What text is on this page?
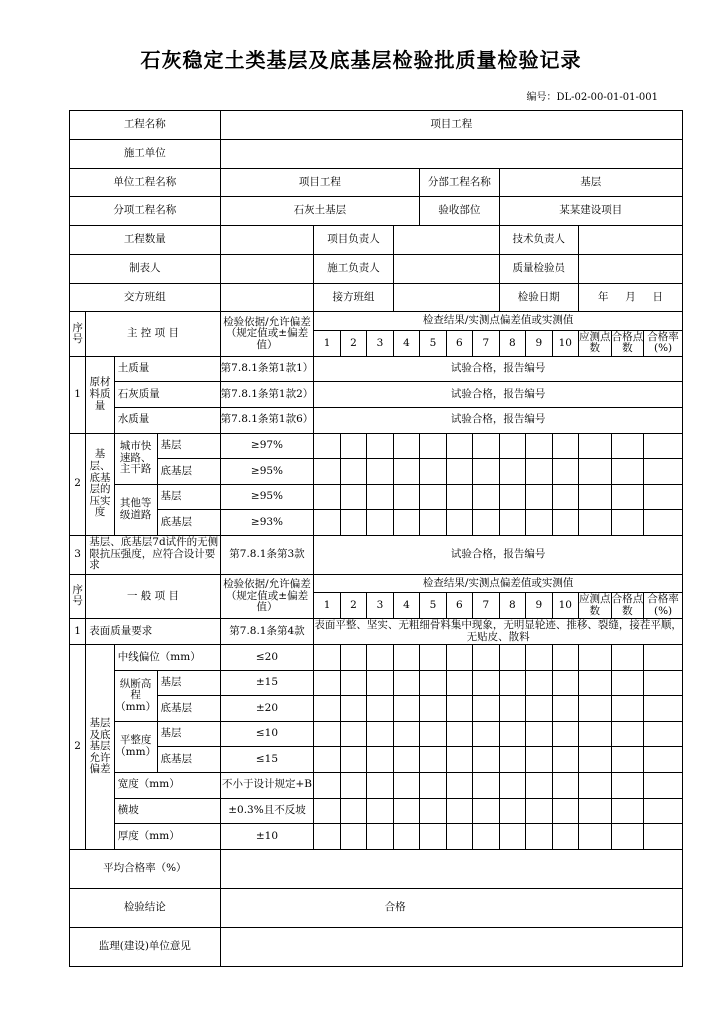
石灰稳定土类基层及底基层检验批质量检验记录
编号：DL-02-00-01-01-001
工程名称				项目工程													
施工单位																	
单位工程名称				项目工程					分部工程名称			基层					
分项工程名称				石灰土基层					验收部位			某某建设项目					
工程数量					项目负责人							技术负责人					
制表人					施工负责人							质量检验员					
交方班组					接方班组							检验日期			年 月 日		
序号	主 控 项 目			检验依据/允许偏差（规定值或±偏差值）	检查结果/实测点偏差值或实测值												
					1	2	3	4	5	6	7	8	9	10	应测点数	合格点数	合格率(%)
1	原材料质量	土质量		第7.8.1条第1款1）	试验合格，报告编号												
		石灰质量		第7.8.1条第1款2）	试验合格，报告编号												
		水质量		第7.8.1条第1款6）	试验合格，报告编号												
2	基层、底基层的压实度	城市快速路、主干路	基层	≥97%													
			底基层	≥95%													
		其他等级道路	基层	≥95%													
			底基层	≥93%													
3	基层、底基层7d试件的无侧限抗压强度，应符合设计要求			第7.8.1条第3款	试验合格，报告编号												
序号	一 般 项 目			检验依据/允许偏差（规定值或±偏差值）	检查结果/实测点偏差值或实测值												
					1	2	3	4	5	6	7	8	9	10	应测点数	合格点数	合格率(%)
1	表面质量要求			第7.8.1条第4款	表面平整、坚实、无粗细骨料集中现象，无明显轮迹、推移、裂缝，接茬平顺，无贴皮、散料												
2	基层及底基层允许偏差	中线偏位（mm）		≤20													
		纵断高程（mm）	基层	±15													
			底基层	±20													
		平整度（mm）	基层	≤10													
			底基层	≤15													
		宽度（mm）		不小于设计规定+B													
		横坡		±0.3%且不反坡													
		厚度（mm）		±10													
平均合格率（%）																	
检验结论				合格													
监理(建设)单位意见																	
